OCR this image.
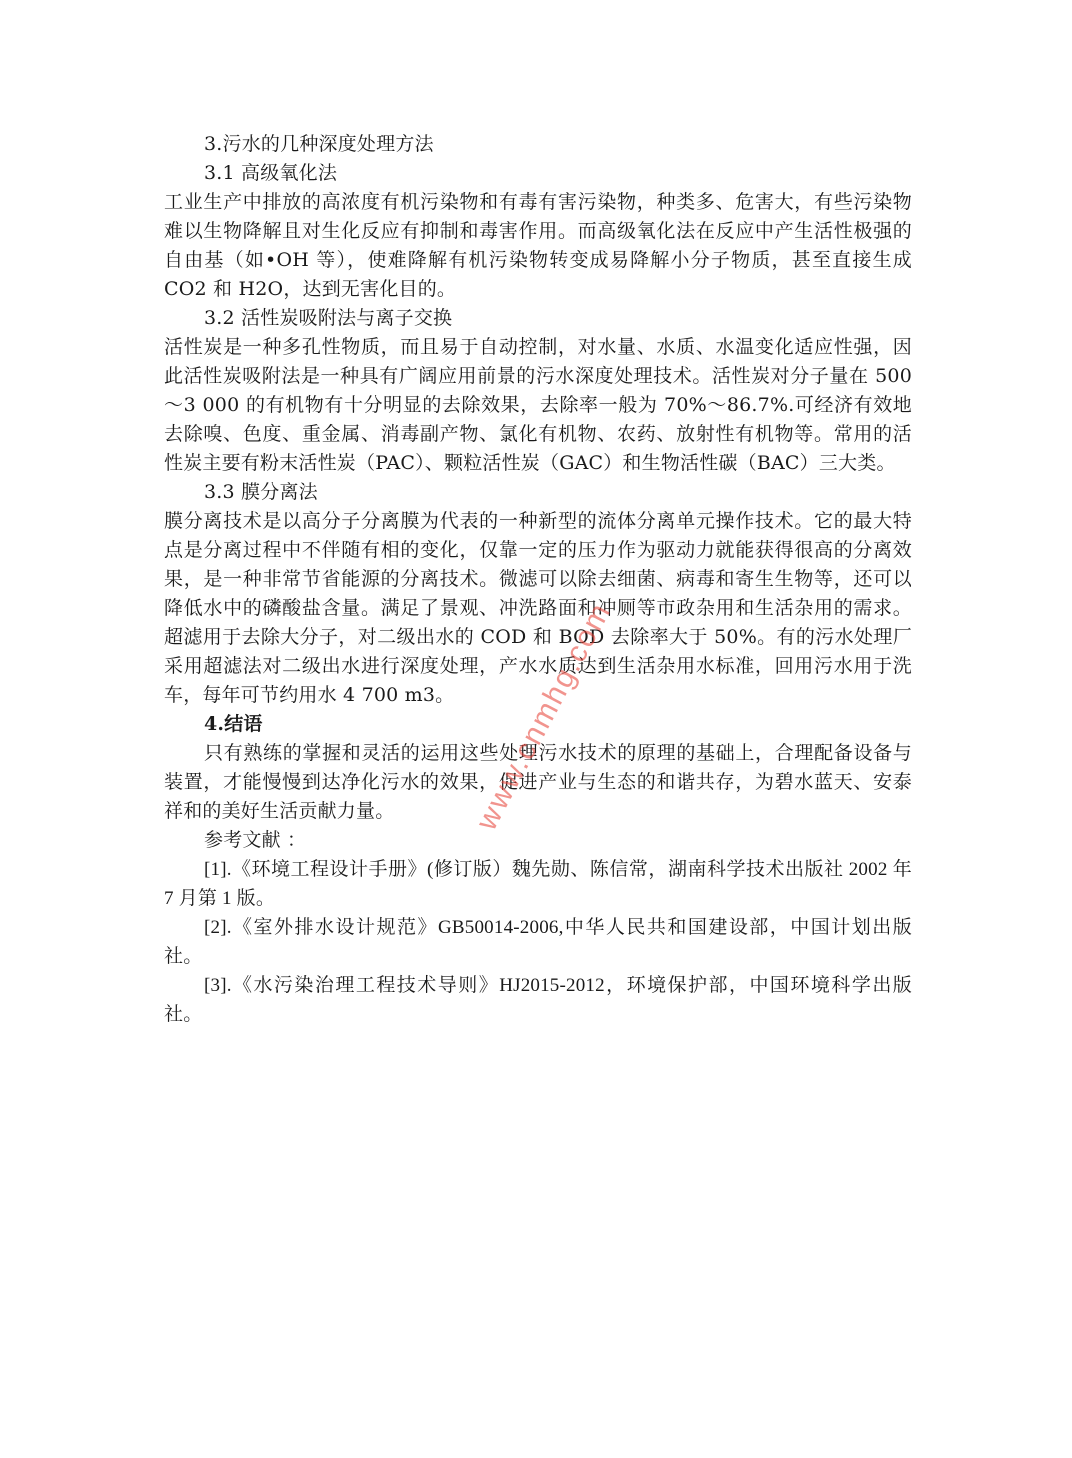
3.污水的几种深度处理方法

3.1 高级氧化法

工业生产中排放的高浓度有机污染物和有毒有害污染物，种类多、危害大，有些污染物难以生物降解且对生化反应有抑制和毒害作用。而高级氧化法在反应中产生活性极强的自由基（如•OH 等），使难降解有机污染物转变成易降解小分子物质，甚至直接生成 CO2 和 H2O，达到无害化目的。

3.2 活性炭吸附法与离子交换

活性炭是一种多孔性物质，而且易于自动控制，对水量、水质、水温变化适应性强，因此活性炭吸附法是一种具有广阔应用前景的污水深度处理技术。活性炭对分子量在 500～3 000 的有机物有十分明显的去除效果，去除率一般为 70%～86.7%.可经济有效地去除嗅、色度、重金属、消毒副产物、氯化有机物、农药、放射性有机物等。常用的活性炭主要有粉末活性炭（PAC）、颗粒活性炭（GAC）和生物活性碳（BAC）三大类。

3.3 膜分离法

膜分离技术是以高分子分离膜为代表的一种新型的流体分离单元操作技术。它的最大特点是分离过程中不伴随有相的变化，仅靠一定的压力作为驱动力就能获得很高的分离效果，是一种非常节省能源的分离技术。微滤可以除去细菌、病毒和寄生生物等，还可以降低水中的磷酸盐含量。满足了景观、冲洗路面和冲厕等市政杂用和生活杂用的需求。超滤用于去除大分子，对二级出水的 COD 和 BOD 去除率大于 50%。有的污水处理厂采用超滤法对二级出水进行深度处理，产水水质达到生活杂用水标准，回用污水用于洗车，每年可节约用水 4 700 m3。

4.结语

只有熟练的掌握和灵活的运用这些处理污水技术的原理的基础上，合理配备设备与装置，才能慢慢到达净化污水的效果，促进产业与生态的和谐共存，为碧水蓝天、安泰祥和的美好生活贡献力量。

参考文献 ：

[1].《环境工程设计手册》(修订版）魏先勋、陈信常，湖南科学技术出版社 2002 年 7 月第 1 版。

[2].《室外排水设计规范》GB50014-2006,中华人民共和国建设部，中国计划出版社。

[3].《水污染治理工程技术导则》HJ2015-2012，环境保护部，中国环境科学出版社。

www.cnmhg.com
